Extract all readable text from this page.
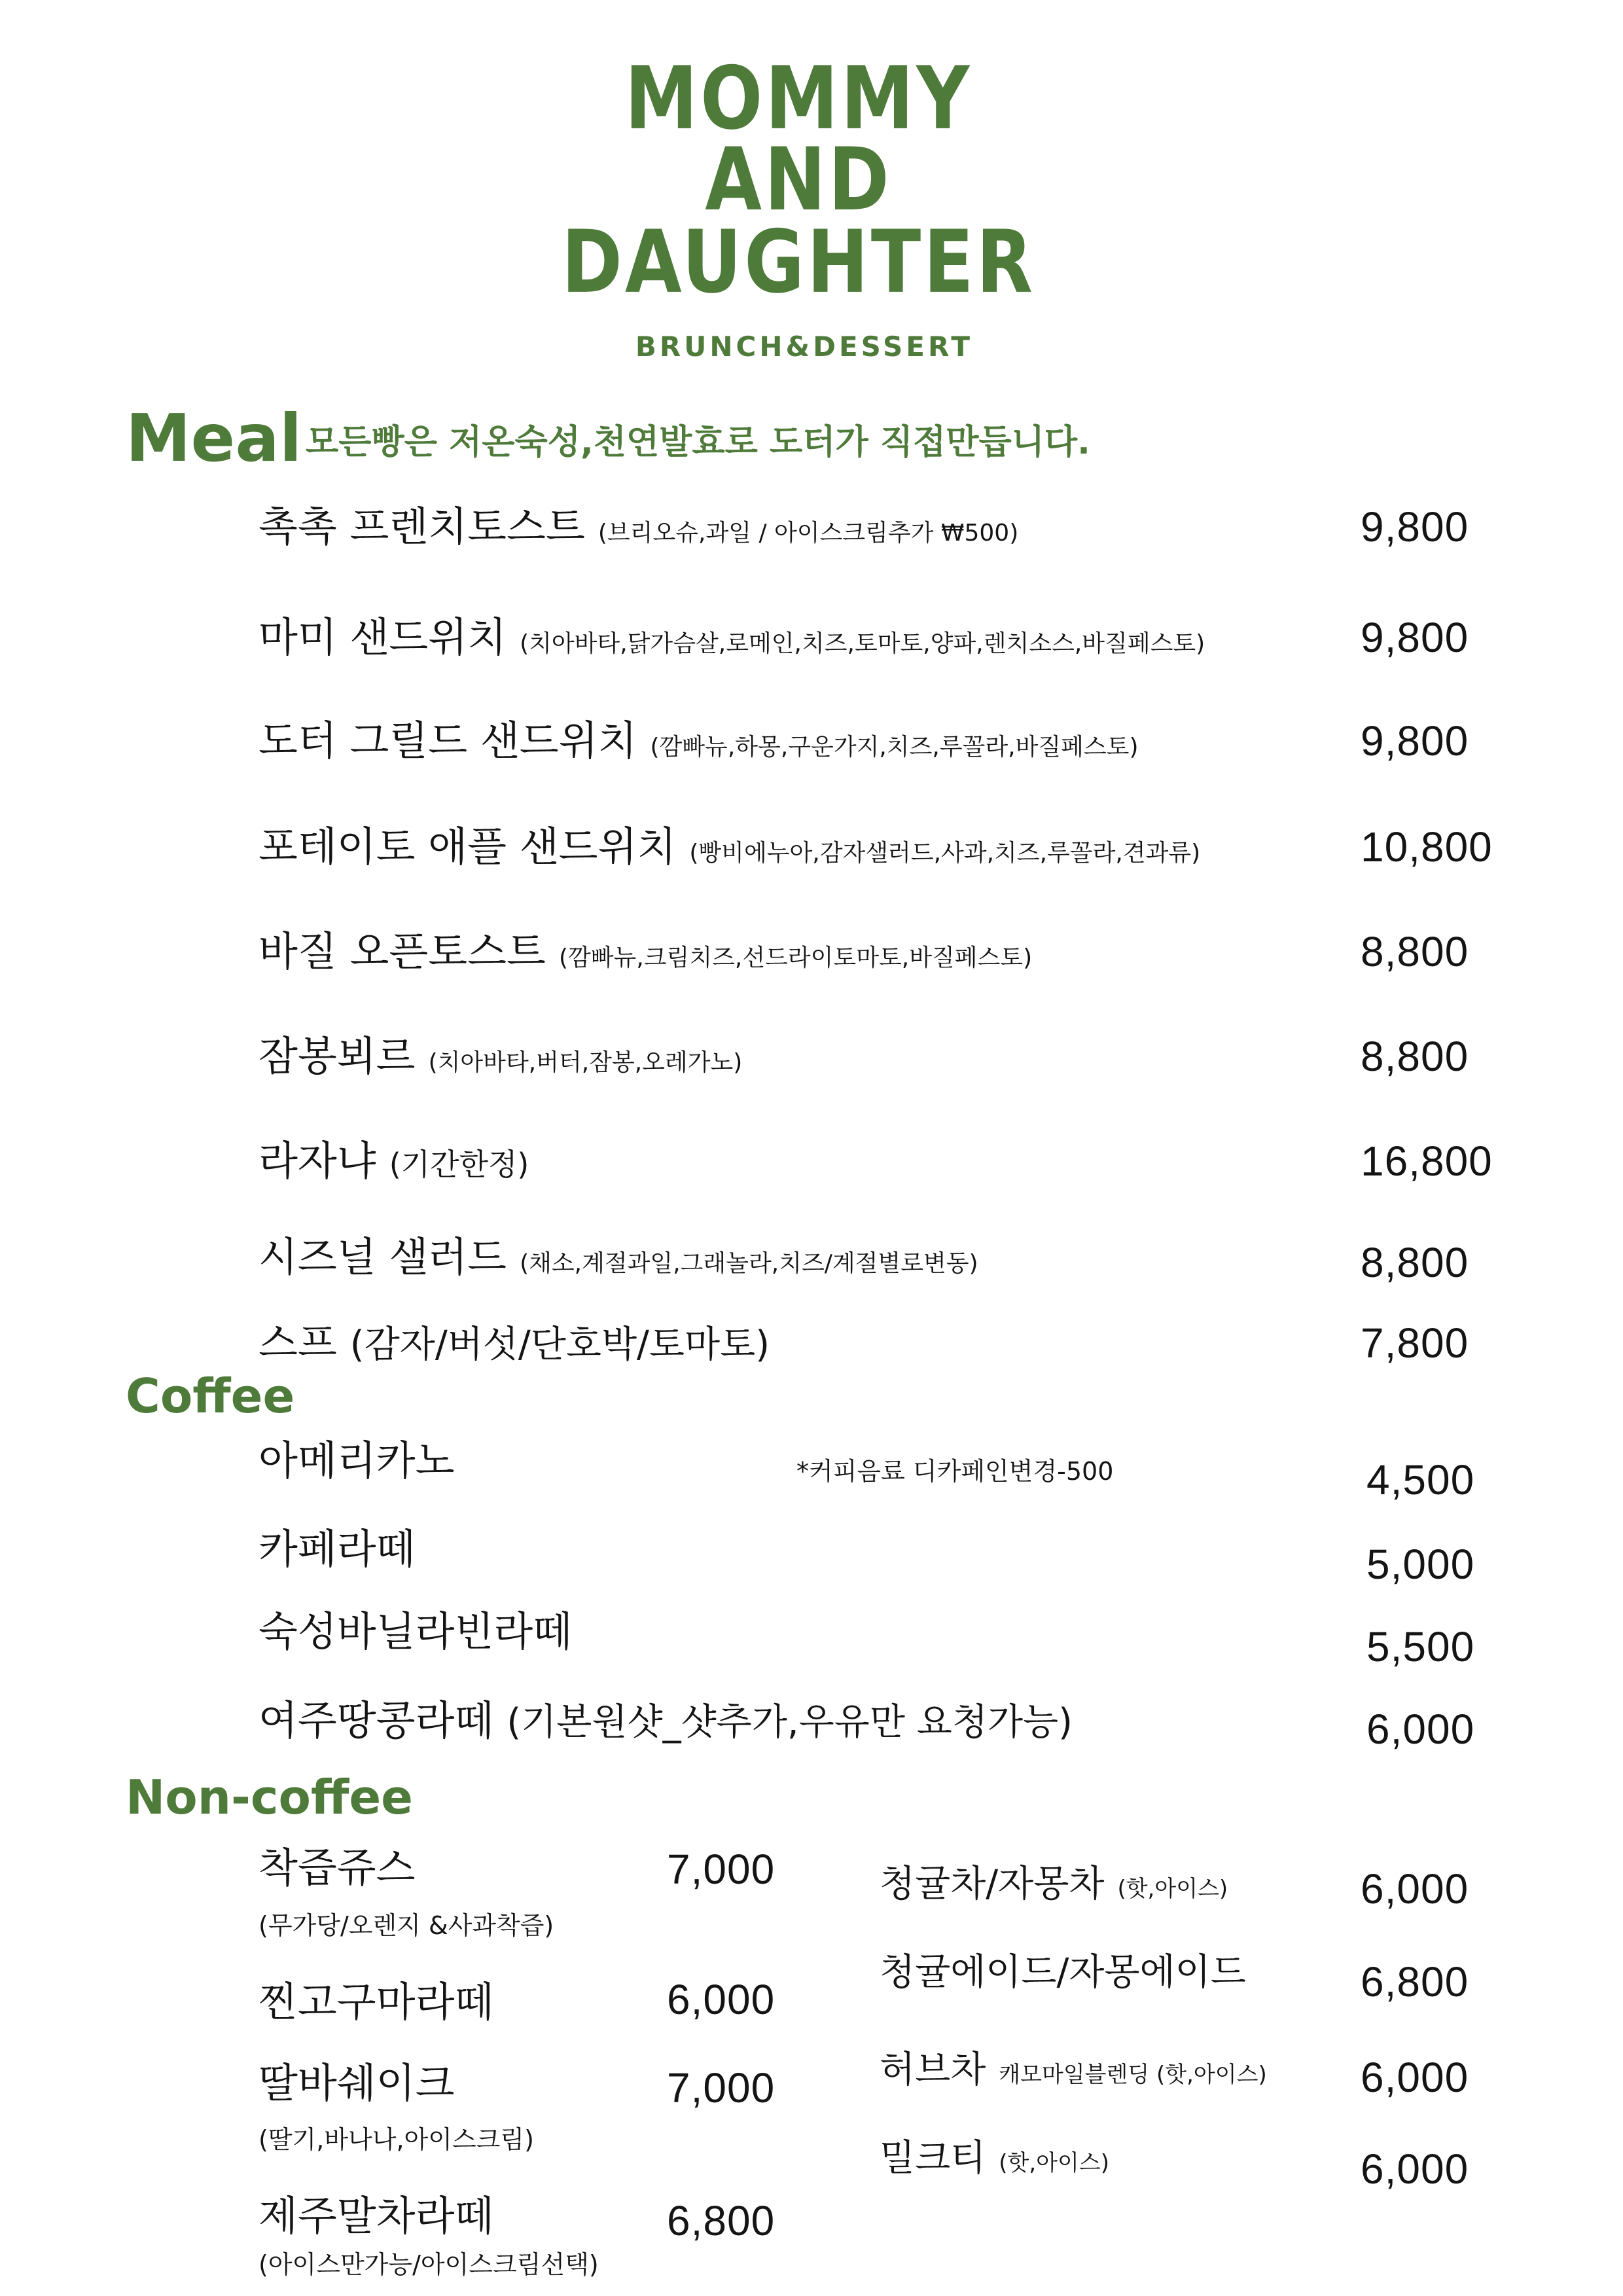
MOMMY
AND
DAUGHTER
BRUNCH&DESSERT
Meal 모든빵은 저온숙성,천연발효로 도터가 직접만듭니다.
촉촉 프렌치토스트 (브리오슈,과일 / 아이스크림추가 ₩500)	9,800
마미 샌드위치 (치아바타,닭가슴살,로메인,치즈,토마토,양파,렌치소스,바질페스토)	9,800
도터 그릴드 샌드위치 (깜빠뉴,하몽,구운가지,치즈,루꼴라,바질페스토)	9,800
포테이토 애플 샌드위치 (빵비에누아,감자샐러드,사과,치즈,루꼴라,견과류)	10,800
바질 오픈토스트 (깜빠뉴,크림치즈,선드라이토마토,바질페스토)	8,800
잠봉뵈르 (치아바타,버터,잠봉,오레가노)	8,800
라자냐 (기간한정)	16,800
시즈널 샐러드 (채소,계절과일,그래놀라,치즈/계절별로변동)	8,800
스프 (감자/버섯/단호박/토마토)	7,800
Coffee
아메리카노	*커피음료 디카페인변경-500	4,500
카페라떼	5,000
숙성바닐라빈라떼	5,500
여주땅콩라떼 (기본원샷_샷추가,우유만 요청가능)	6,000
Non-coffee
착즙쥬스	7,000
(무가당/오렌지 &사과착즙)
찐고구마라떼	6,000
딸바쉐이크	7,000
(딸기,바나나,아이스크림)
제주말차라떼	6,800
(아이스만가능/아이스크림선택)
청귤차/자몽차 (핫,아이스)	6,000
청귤에이드/자몽에이드	6,800
허브차 캐모마일블렌딩 (핫,아이스) 6,000
밀크티 (핫,아이스)	6,000
